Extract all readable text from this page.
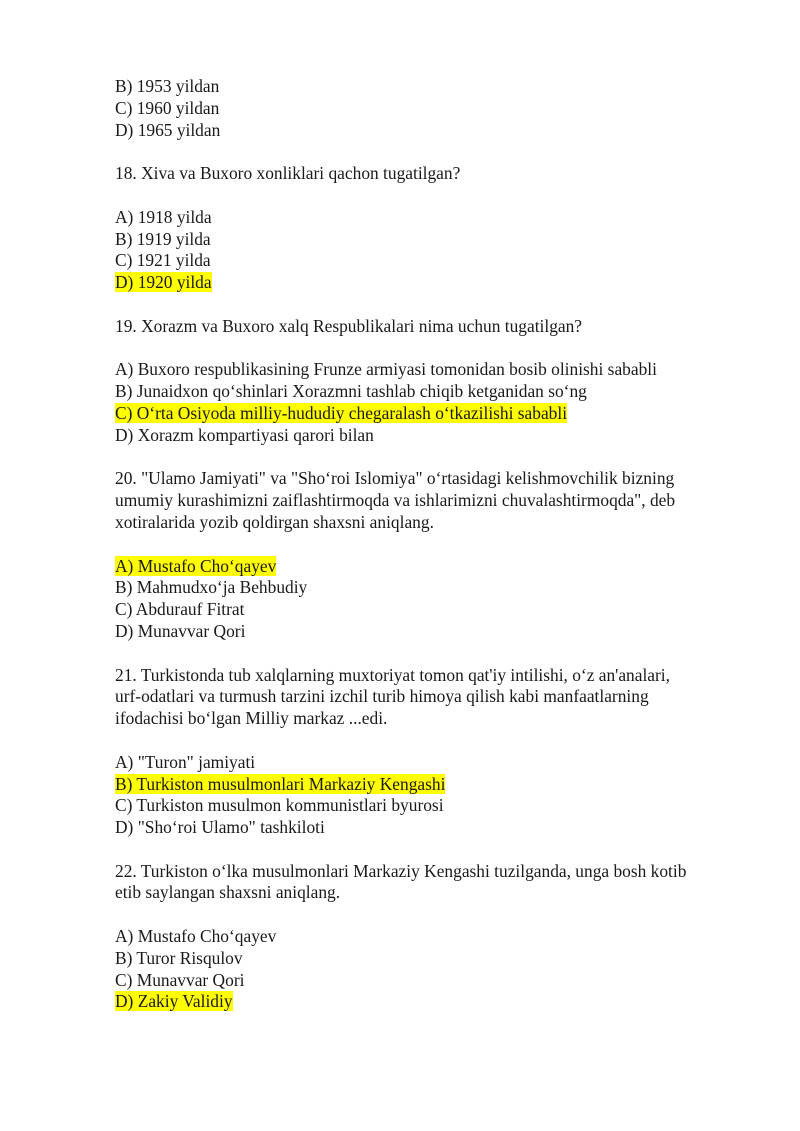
B) 1953 yildan
C) 1960 yildan
D) 1965 yildan
18. Xiva va Buxoro xonliklari qachon tugatilgan?
A) 1918 yilda
B) 1919 yilda
C) 1921 yilda
D) 1920 yilda
19. Xorazm va Buxoro xalq Respublikalari nima uchun tugatilgan?
A) Buxoro respublikasining Frunze armiyasi tomonidan bosib olinishi sababli
B) Junaidxon qo‘shinlari Xorazmni tashlab chiqib ketganidan so‘ng
C) O‘rta Osiyoda milliy-hududiy chegaralash o‘tkazilishi sababli
D) Xorazm kompartiyasi qarori bilan
20. "Ulamo Jamiyati" va "Sho‘roi Islomiya" o‘rtasidagi kelishmovchilik bizning
umumiy kurashimizni zaiflashtirmoqda va ishlarimizni chuvalashtirmoqda", deb
xotiralarida yozib qoldirgan shaxsni aniqlang.
A) Mustafo Cho‘qayev
B) Mahmudxo‘ja Behbudiy
C) Abdurauf Fitrat
D) Munavvar Qori
21. Turkistonda tub xalqlarning muxtoriyat tomon qat'iy intilishi, o‘z an'analari,
urf-odatlari va turmush tarzini izchil turib himoya qilish kabi manfaatlarning
ifodachisi bo‘lgan Milliy markaz ...edi.
A) "Turon" jamiyati
B) Turkiston musulmonlari Markaziy Kengashi
C) Turkiston musulmon kommunistlari byurosi
D) "Sho‘roi Ulamo" tashkiloti
22. Turkiston o‘lka musulmonlari Markaziy Kengashi tuzilganda, unga bosh kotib
etib saylangan shaxsni aniqlang.
A) Mustafo Cho‘qayev
B) Turor Risqulov
C) Munavvar Qori
D) Zakiy Validiy
